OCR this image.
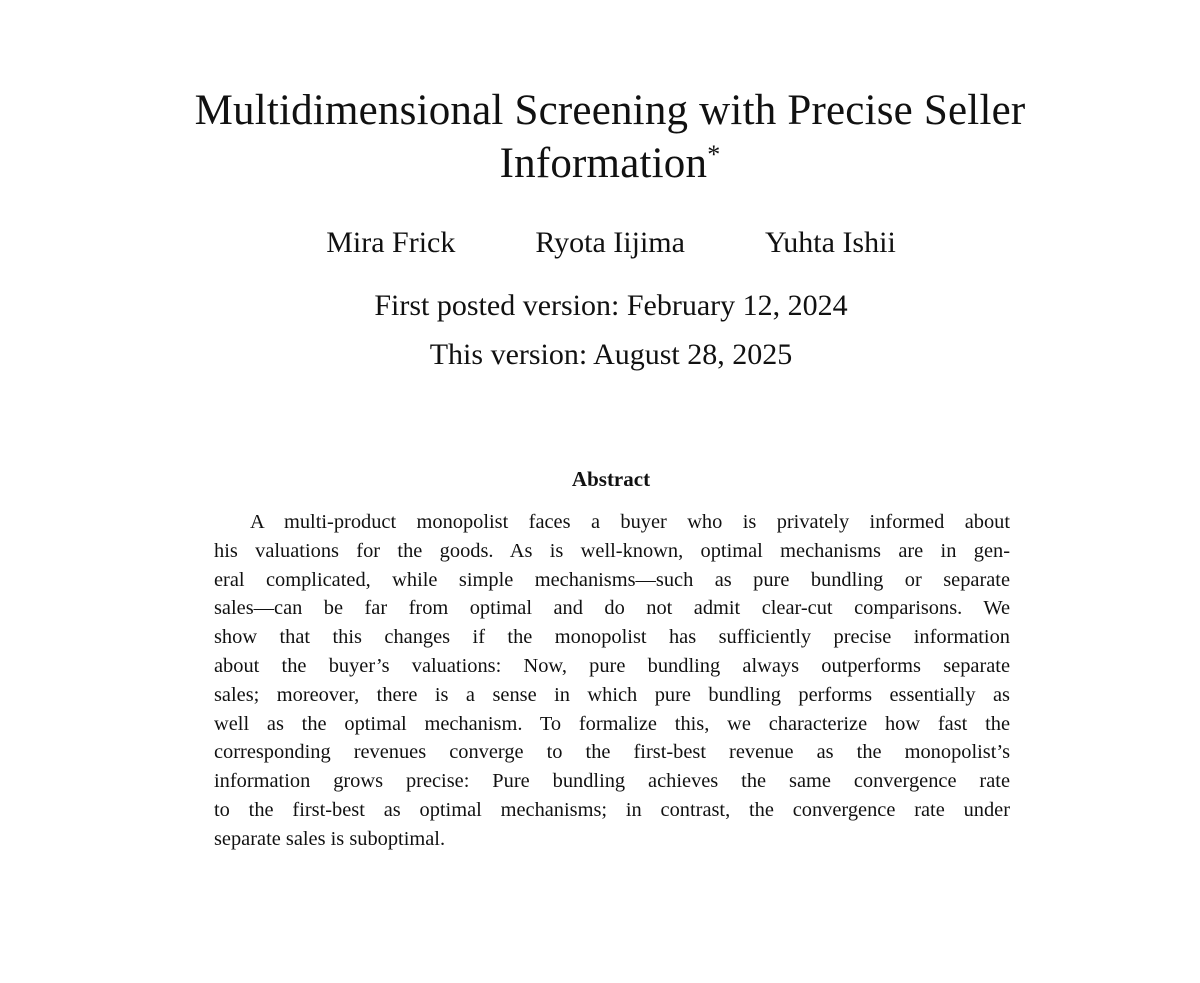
Multidimensional Screening with Precise Seller
Information*
Mira Frick	Ryota Iijima	Yuhta Ishii
First posted version: February 12, 2024
This version: August 28, 2025
Abstract

A multi-product monopolist faces a buyer who is privately informed about
his valuations for the goods. As is well-known, optimal mechanisms are in gen-
eral complicated, while simple mechanisms—such as pure bundling or separate
sales—can be far from optimal and do not admit clear-cut comparisons. We
show that this changes if the monopolist has sufficiently precise information
about the buyer’s valuations: Now, pure bundling always outperforms separate
sales; moreover, there is a sense in which pure bundling performs essentially as
well as the optimal mechanism. To formalize this, we characterize how fast the
corresponding revenues converge to the first-best revenue as the monopolist’s
information grows precise: Pure bundling achieves the same convergence rate
to the first-best as optimal mechanisms; in contrast, the convergence rate under
separate sales is suboptimal.
